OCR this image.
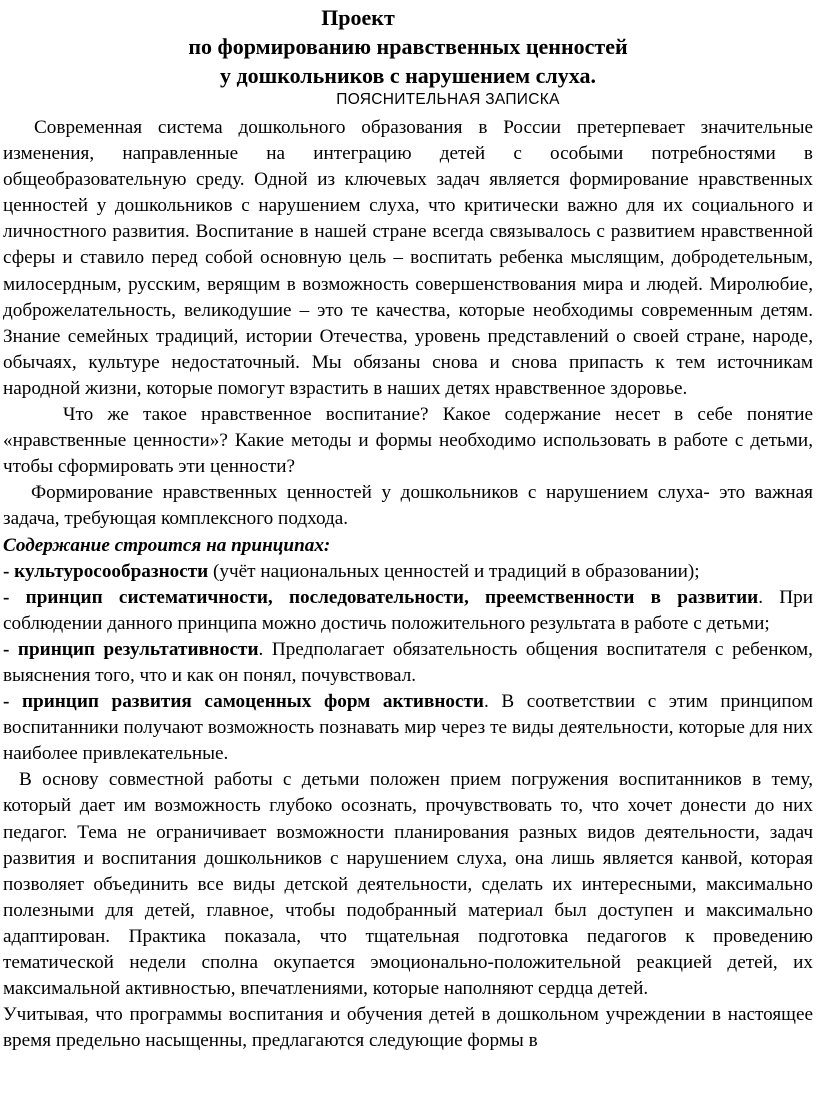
Проект
по формированию нравственных ценностей
у дошкольников с нарушением слуха.
ПОЯСНИТЕЛЬНАЯ ЗАПИСКА

Современная система дошкольного образования в России претерпевает значительные изменения, направленные на интеграцию детей с особыми потребностями в общеобразовательную среду. Одной из ключевых задач является формирование нравственных ценностей у дошкольников с нарушением слуха, что критически важно для их социального и личностного развития. Воспитание в нашей стране всегда связывалось с развитием нравственной сферы и ставило перед собой основную цель – воспитать ребенка мыслящим, добродетельным, милосердным, русским, верящим в возможность совершенствования мира и людей. Миролюбие, доброжелательность, великодушие – это те качества, которые необходимы современным детям. Знание семейных традиций, истории Отечества, уровень представлений о своей стране, народе, обычаях, культуре недостаточный. Мы обязаны снова и снова припасть к тем источникам народной жизни, которые помогут взрастить в наших детях нравственное здоровье.

Что же такое нравственное воспитание? Какое содержание несет в себе понятие «нравственные ценности»? Какие методы и формы необходимо использовать в работе с детьми, чтобы сформировать эти ценности?

Формирование нравственных ценностей у дошкольников с нарушением слуха- это важная задача, требующая комплексного подхода.

Содержание строится на принципах:

- культуросообразности (учёт национальных ценностей и традиций в образовании);

- принцип систематичности, последовательности, преемственности в развитии. При соблюдении данного принципа можно достичь положительного результата в работе с детьми;

- принцип результативности. Предполагает обязательность общения воспитателя с ребенком, выяснения того, что и как он понял, почувствовал.

- принцип развития самоценных форм активности. В соответствии с этим принципом воспитанники получают возможность познавать мир через те виды деятельности, которые для них наиболее привлекательные.

В основу совместной работы с детьми положен прием погружения воспитанников в тему, который дает им возможность глубоко осознать, прочувствовать то, что хочет донести до них педагог. Тема не ограничивает возможности планирования разных видов деятельности, задач развития и воспитания дошкольников с нарушением слуха, она лишь является канвой, которая позволяет объединить все виды детской деятельности, сделать их интересными, максимально полезными для детей, главное, чтобы подобранный материал был доступен и максимально адаптирован. Практика показала, что тщательная подготовка педагогов к проведению тематической недели сполна окупается эмоционально-положительной реакцией детей, их максимальной активностью, впечатлениями, которые наполняют сердца детей.

Учитывая, что программы воспитания и обучения детей в дошкольном учреждении в настоящее время предельно насыщенны, предлагаются следующие формы в
